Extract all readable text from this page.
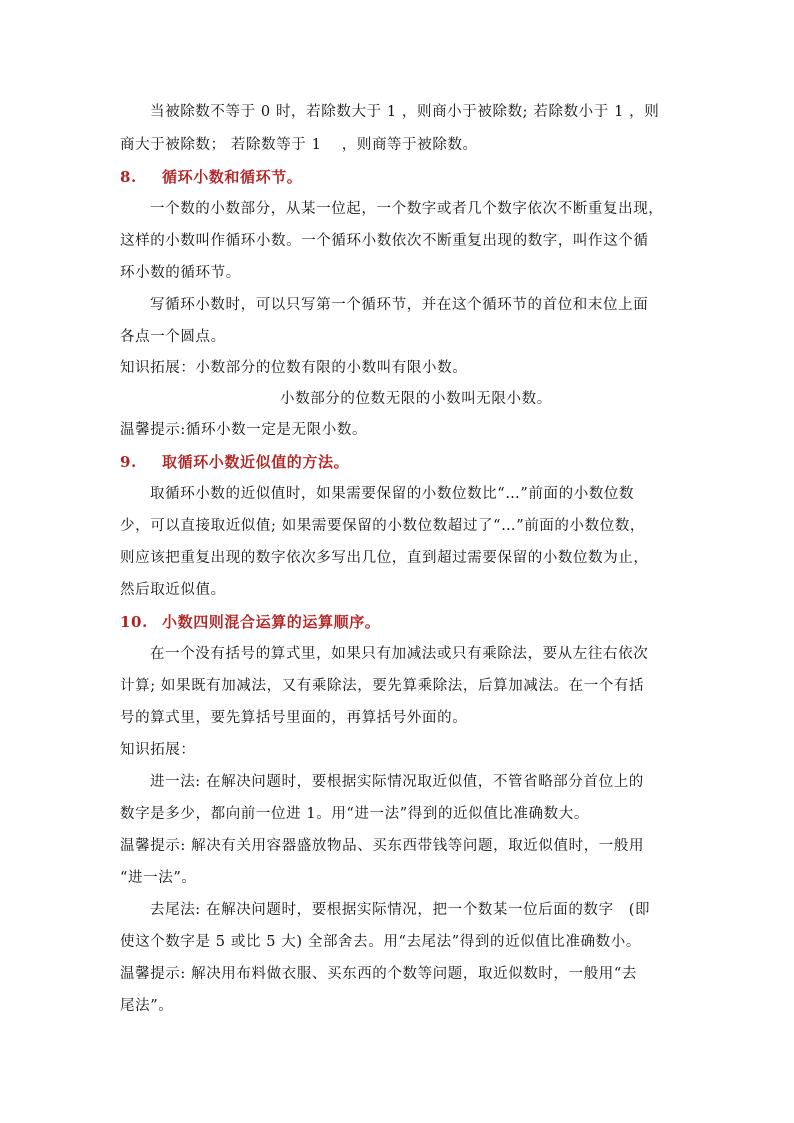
当被除数不等于 0 时，若除数大于 1 ，则商小于被除数; 若除数小于 1 ，则
商大于被除数； 若除数等于 1　 ，则商等于被除数。
8. 循环小数和循环节。
一个数的小数部分，从某一位起，一个数字或者几个数字依次不断重复出现，
这样的小数叫作循环小数。一个循环小数依次不断重复出现的数字，叫作这个循
环小数的循环节。
写循环小数时，可以只写第一个循环节，并在这个循环节的首位和末位上面
各点一个圆点。
知识拓展：小数部分的位数有限的小数叫有限小数。
小数部分的位数无限的小数叫无限小数。
温馨提示:循环小数一定是无限小数。
9. 取循环小数近似值的方法。
取循环小数的近似值时，如果需要保留的小数位数比“…”前面的小数位数
少，可以直接取近似值; 如果需要保留的小数位数超过了“…”前面的小数位数，
则应该把重复出现的数字依次多写出几位，直到超过需要保留的小数位数为止，
然后取近似值。
10. 小数四则混合运算的运算顺序。
在一个没有括号的算式里，如果只有加减法或只有乘除法，要从左往右依次
计算; 如果既有加减法，又有乘除法，要先算乘除法，后算加减法。在一个有括
号的算式里，要先算括号里面的，再算括号外面的。
知识拓展：
进一法: 在解决问题时，要根据实际情况取近似值，不管省略部分首位上的
数字是多少，都向前一位进 1。用“进一法”得到的近似值比准确数大。
温馨提示: 解决有关用容器盛放物品、买东西带钱等问题，取近似值时，一般用
“进一法”。
去尾法: 在解决问题时，要根据实际情况，把一个数某一位后面的数字　(即
使这个数字是 5 或比 5 大) 全部舍去。用“去尾法”得到的近似值比准确数小。
温馨提示: 解决用布料做衣服、买东西的个数等问题，取近似数时，一般用“去
尾法”。
